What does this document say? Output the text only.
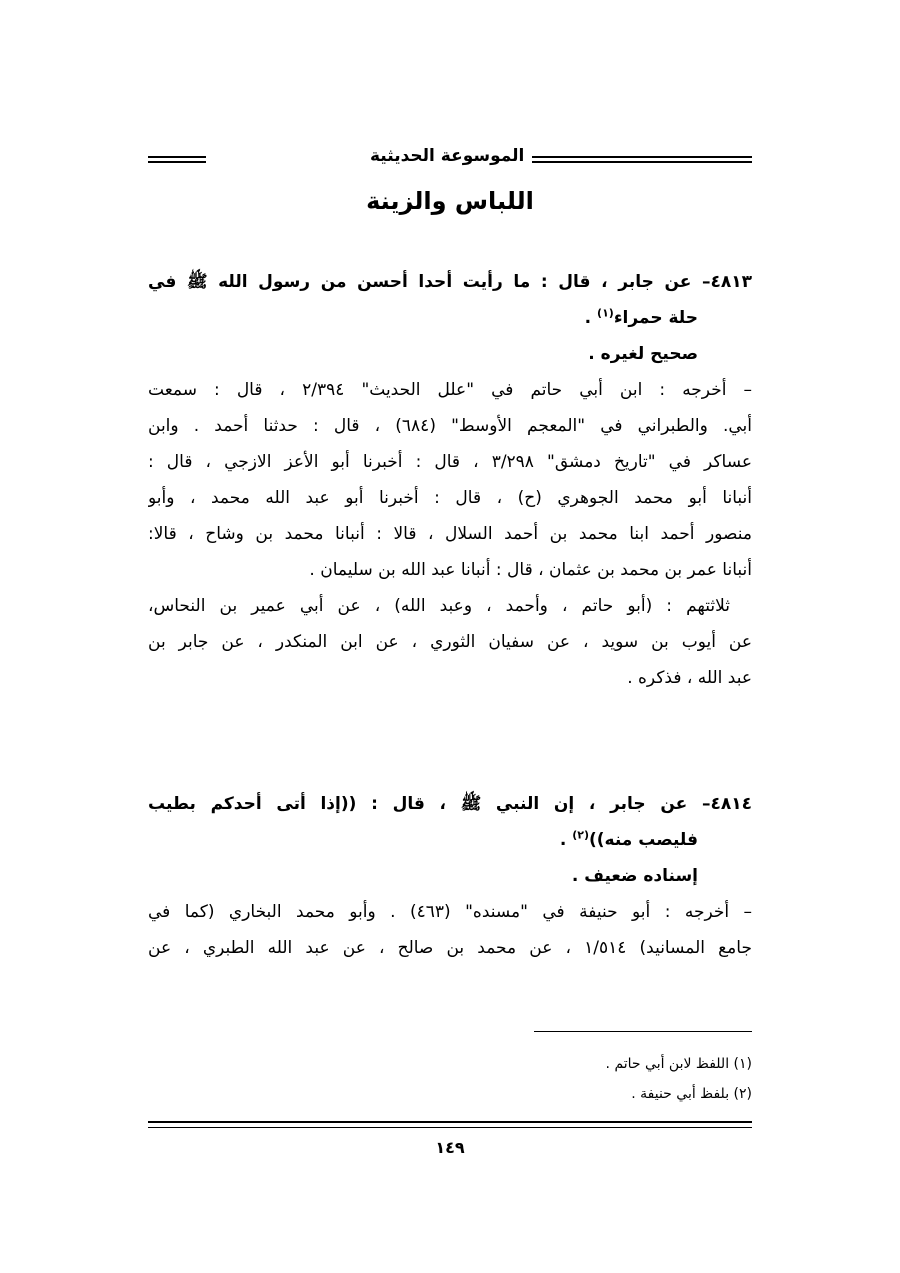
الموسوعة الحديثية
اللباس والزينة
٤٨١٣– عن جابر ، قال : ما رأيت أحدا أحسن من رسول الله ﷺ في
حلة حمراء$^{(١)}$ .
صحيح لغيره .
– أخرجه : ابن أبي حاتم في "علل الحديث" ٢/٣٩٤ ، قال : سمعت
أبي. والطبراني في "المعجم الأوسط" (٦٨٤) ، قال : حدثنا أحمد . وابن
عساكر في "تاريخ دمشق" ٣/٢٩٨ ، قال : أخبرنا أبو الأعز الازجي ، قال :
أنبانا أبو محمد الجوهري (ح) ، قال : أخبرنا أبو عبد الله محمد ، وأبو
منصور أحمد ابنا محمد بن أحمد السلال ، قالا : أنبانا محمد بن وشاح ، قالا:
أنبانا عمر بن محمد بن عثمان ، قال : أنبانا عبد الله بن سليمان .
ثلاثتهم : (أبو حاتم ، وأحمد ، وعبد الله) ، عن أبي عمير بن النحاس،
عن أيوب بن سويد ، عن سفيان الثوري ، عن ابن المنكدر ، عن جابر بن
عبد الله ، فذكره .
٤٨١٤– عن جابر ، إن النبي ﷺ ، قال : ((إذا أتى أحدكم بطيب
فليصب منه))$^{(٢)}$ .
إسناده ضعيف .
– أخرجه : أبو حنيفة في "مسنده" (٤٦٣) . وأبو محمد البخاري (كما في
جامع المسانيد) ١/٥١٤ ، عن محمد بن صالح ، عن عبد الله الطبري ، عن
(١) اللفظ لابن أبي حاتم .
(٢) بلفظ أبي حنيفة .
١٤٩
